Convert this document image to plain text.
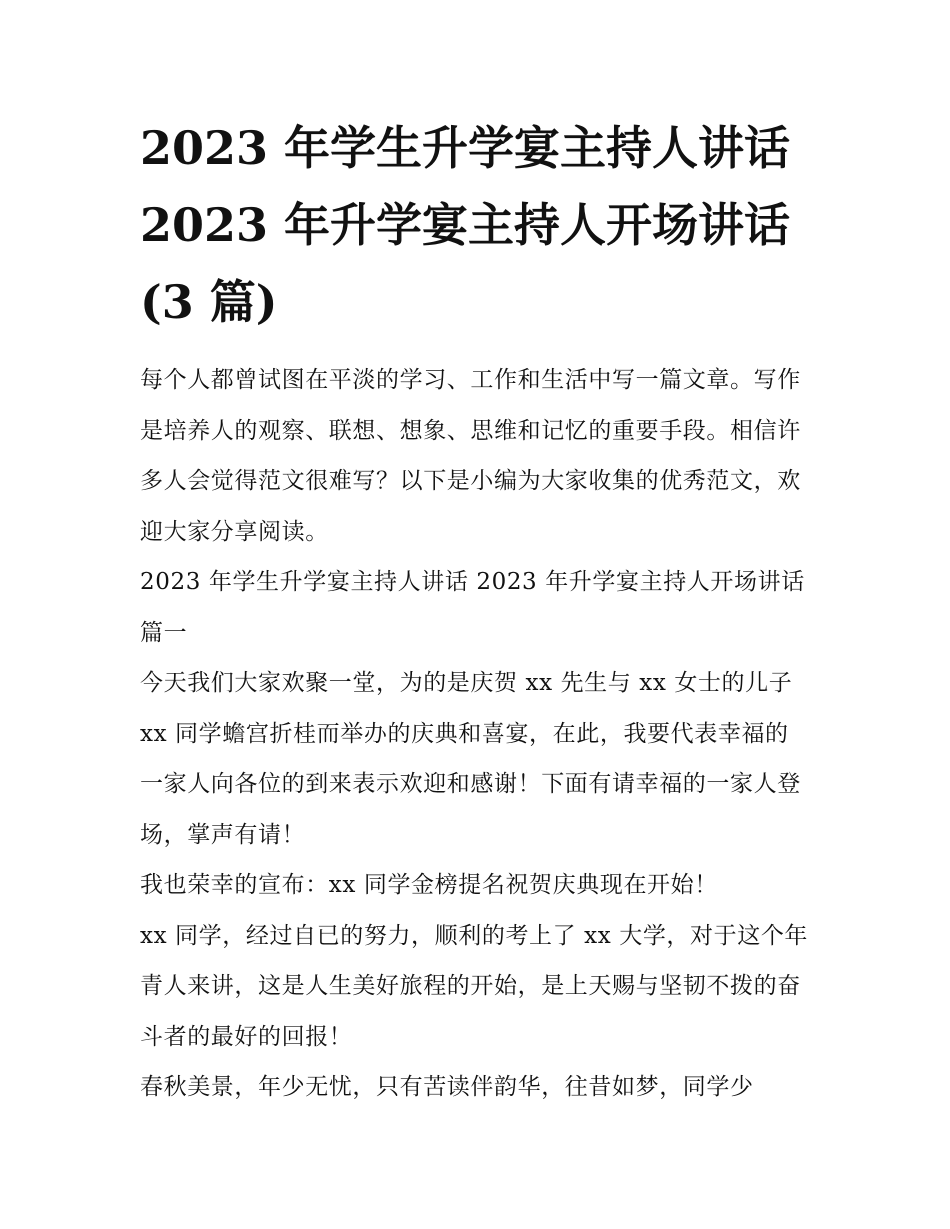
2023 年学生升学宴主持人讲话
2023 年升学宴主持人开场讲话
(3 篇)

每个人都曾试图在平淡的学习、工作和生活中写一篇文章。写作是培养人的观察、联想、想象、思维和记忆的重要手段。相信许多人会觉得范文很难写？以下是小编为大家收集的优秀范文，欢迎大家分享阅读。

2023 年学生升学宴主持人讲话 2023 年升学宴主持人开场讲话篇一

今天我们大家欢聚一堂，为的是庆贺 xx 先生与 xx 女士的儿子 xx 同学蟾宫折桂而举办的庆典和喜宴，在此，我要代表幸福的一家人向各位的到来表示欢迎和感谢！下面有请幸福的一家人登场，掌声有请！

我也荣幸的宣布：xx 同学金榜提名祝贺庆典现在开始！

xx 同学，经过自已的努力，顺利的考上了 xx 大学，对于这个年青人来讲，这是人生美好旅程的开始，是上天赐与坚韧不拨的奋斗者的最好的回报！

春秋美景，年少无忧，只有苦读伴韵华，往昔如梦，同学少
